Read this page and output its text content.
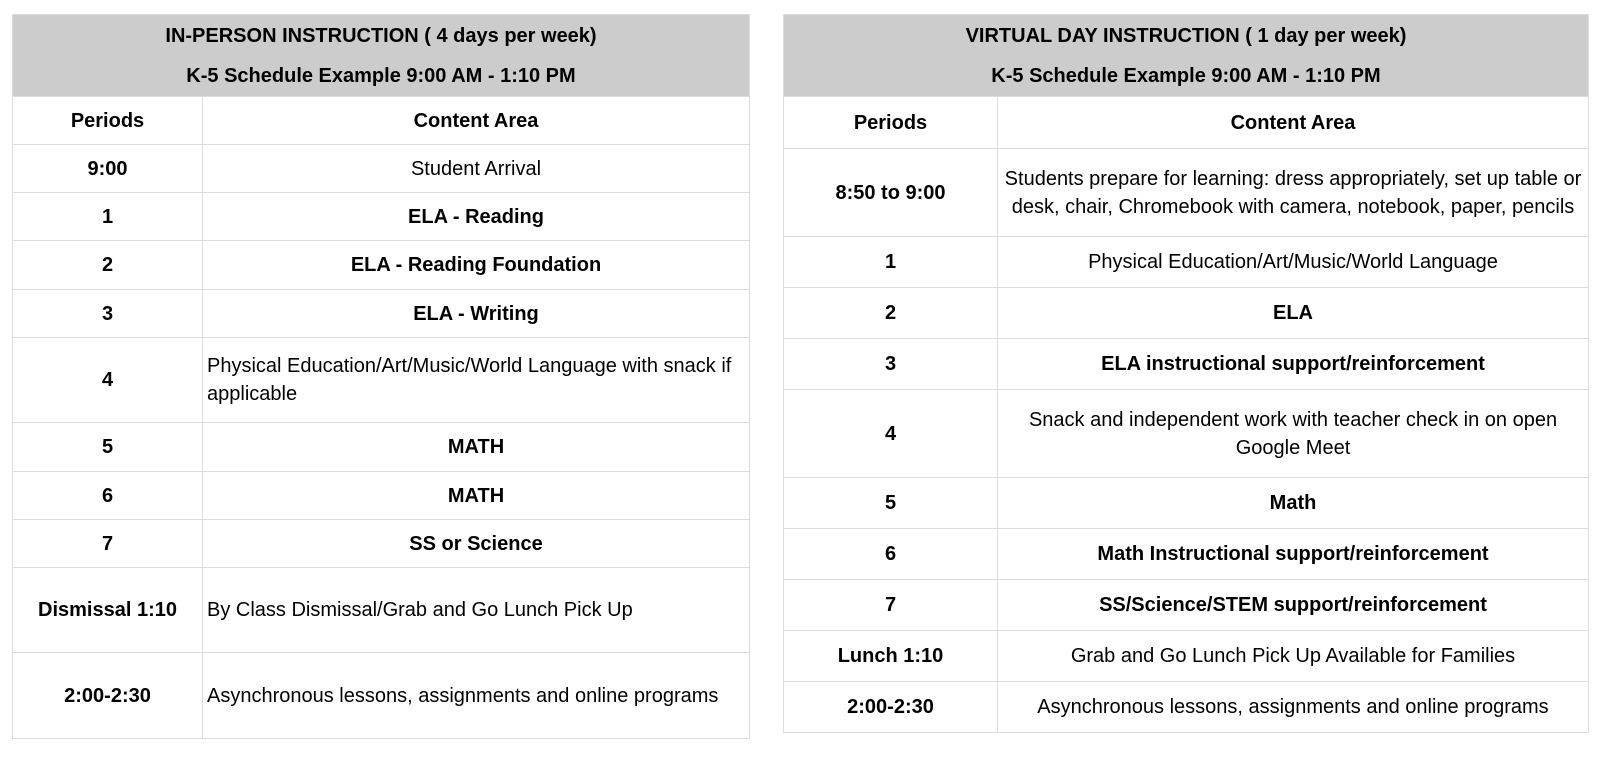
IN-PERSON INSTRUCTION ( 4 days per week)
K-5 Schedule Example 9:00 AM - 1:10 PM	

Periods	Content Area
9:00	Student Arrival
1	ELA - Reading
2	ELA - Reading Foundation
3	ELA - Writing
4	Physical Education/Art/Music/World Language with snack if applicable
5	MATH
6	MATH
7	SS or Science
Dismissal 1:10	By Class Dismissal/Grab and Go Lunch Pick Up
2:00-2:30	Asynchronous lessons, assignments and online programs
VIRTUAL DAY INSTRUCTION ( 1 day per week)
K-5 Schedule Example 9:00 AM - 1:10 PM	

Periods	Content Area
8:50 to 9:00	Students prepare for learning: dress appropriately, set up table or desk, chair, Chromebook with camera, notebook, paper, pencils
1	Physical Education/Art/Music/World Language
2	ELA
3	ELA instructional support/reinforcement
4	Snack and independent work with teacher check in on open Google Meet
5	Math
6	Math Instructional support/reinforcement
7	SS/Science/STEM support/reinforcement
Lunch 1:10	Grab and Go Lunch Pick Up Available for Families
2:00-2:30	Asynchronous lessons, assignments and online programs
